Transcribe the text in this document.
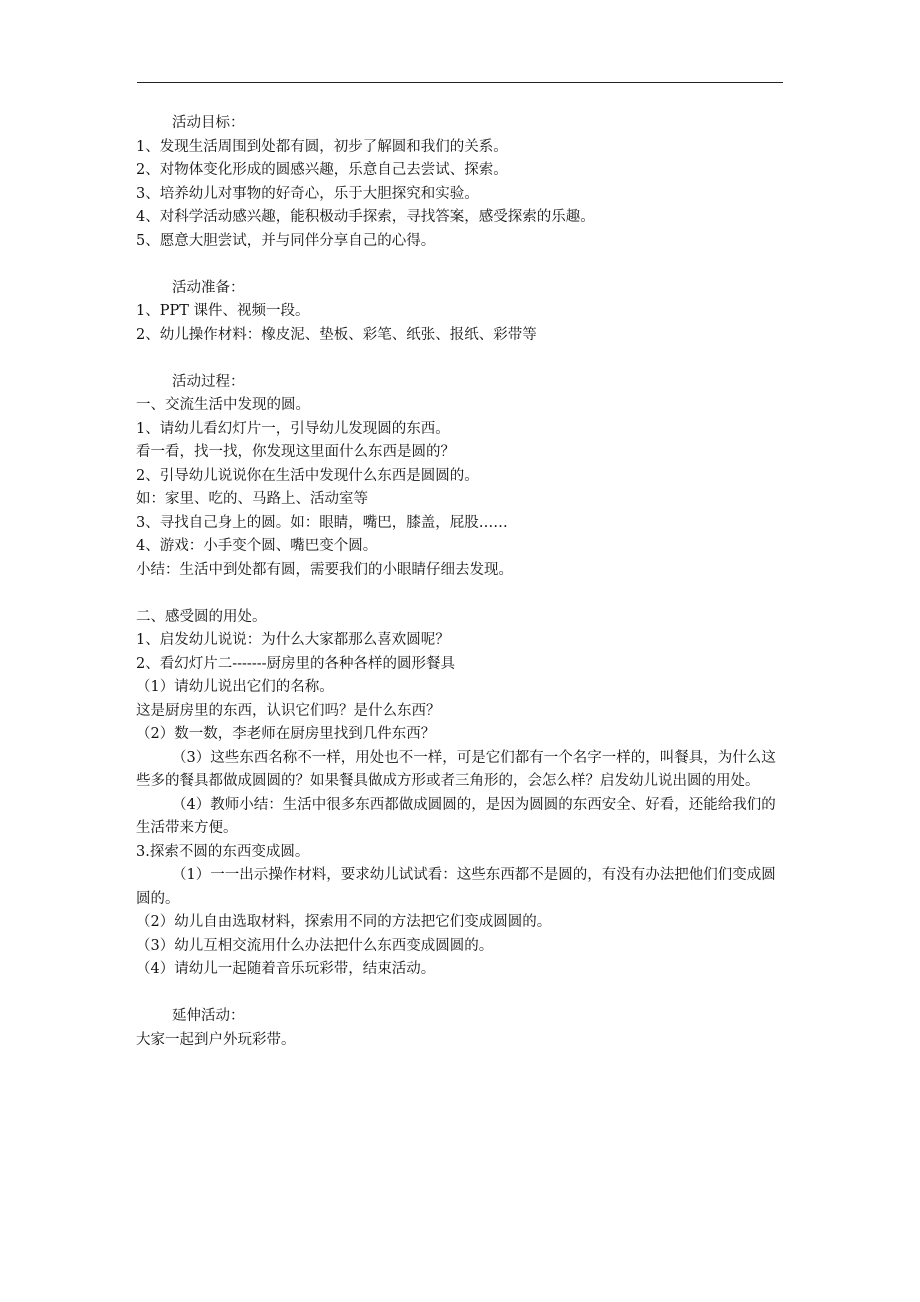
活动目标：

1、发现生活周围到处都有圆，初步了解圆和我们的关系。

2、对物体变化形成的圆感兴趣，乐意自己去尝试、探索。

3、培养幼儿对事物的好奇心，乐于大胆探究和实验。

4、对科学活动感兴趣，能积极动手探索，寻找答案，感受探索的乐趣。

5、愿意大胆尝试，并与同伴分享自己的心得。

活动准备：

1、PPT 课件、视频一段。

2、幼儿操作材料：橡皮泥、垫板、彩笔、纸张、报纸、彩带等

活动过程：

一、交流生活中发现的圆。

1、请幼儿看幻灯片一，引导幼儿发现圆的东西。

看一看，找一找，你发现这里面什么东西是圆的？

2、引导幼儿说说你在生活中发现什么东西是圆圆的。

如：家里、吃的、马路上、活动室等

3、寻找自己身上的圆。如：眼睛，嘴巴，膝盖，屁股……

4、游戏：小手变个圆、嘴巴变个圆。

小结：生活中到处都有圆，需要我们的小眼睛仔细去发现。

二、感受圆的用处。

1、启发幼儿说说：为什么大家都那么喜欢圆呢？

2、看幻灯片二-------厨房里的各种各样的圆形餐具

（1）请幼儿说出它们的名称。

这是厨房里的东西，认识它们吗？是什么东西？

（2）数一数，李老师在厨房里找到几件东西？

（3）这些东西名称不一样，用处也不一样，可是它们都有一个名字一样的，叫餐具，为什么这些多的餐具都做成圆圆的？如果餐具做成方形或者三角形的，会怎么样？启发幼儿说出圆的用处。

（4）教师小结：生活中很多东西都做成圆圆的，是因为圆圆的东西安全、好看，还能给我们的生活带来方便。

3.探索不圆的东西变成圆。

（1）一一出示操作材料，要求幼儿试试看：这些东西都不是圆的，有没有办法把他们们变成圆圆的。

（2）幼儿自由选取材料，探索用不同的方法把它们变成圆圆的。

（3）幼儿互相交流用什么办法把什么东西变成圆圆的。

（4）请幼儿一起随着音乐玩彩带，结束活动。

延伸活动：

大家一起到户外玩彩带。
